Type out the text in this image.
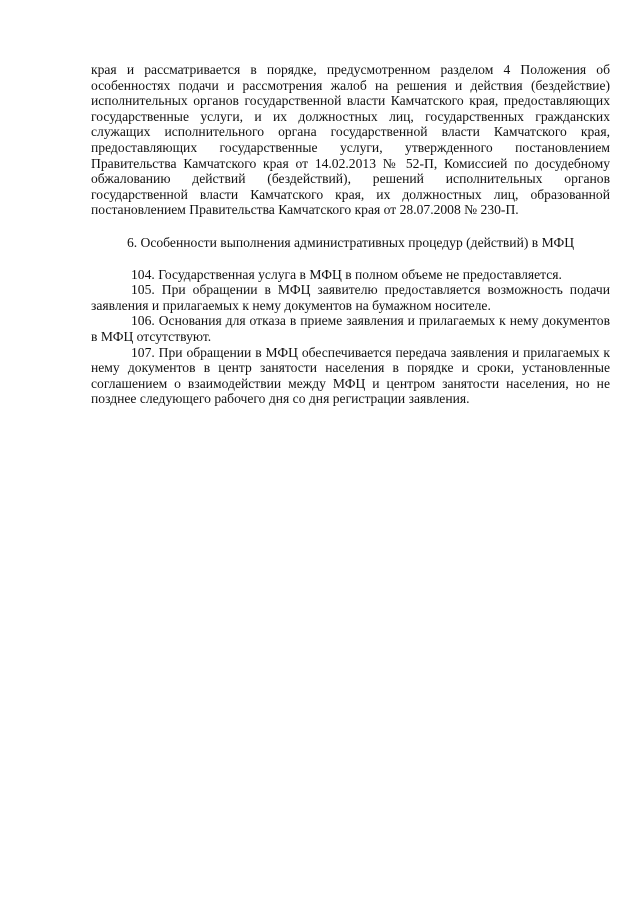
края и рассматривается в порядке, предусмотренном разделом 4 Положения об особенностях подачи и рассмотрения жалоб на решения и действия (бездействие) исполнительных органов государственной власти Камчатского края, предоставляющих государственные услуги, и их должностных лиц, государственных гражданских служащих исполнительного органа государственной власти Камчатского края, предоставляющих государственные услуги, утвержденного постановлением Правительства Камчатского края от 14.02.2013 № 52-П, Комиссией по досудебному обжалованию действий (бездействий), решений исполнительных органов государственной власти Камчатского края, их должностных лиц, образованной постановлением Правительства Камчатского края от 28.07.2008 № 230-П.

6. Особенности выполнения административных процедур (действий) в МФЦ

104. Государственная услуга в МФЦ в полном объеме не предоставляется.

105. При обращении в МФЦ заявителю предоставляется возможность подачи заявления и прилагаемых к нему документов на бумажном носителе.

106. Основания для отказа в приеме заявления и прилагаемых к нему документов в МФЦ отсутствуют.

107. При обращении в МФЦ обеспечивается передача заявления и прилагаемых к нему документов в центр занятости населения в порядке и сроки, установленные соглашением о взаимодействии между МФЦ и центром занятости населения, но не позднее следующего рабочего дня со дня регистрации заявления.
